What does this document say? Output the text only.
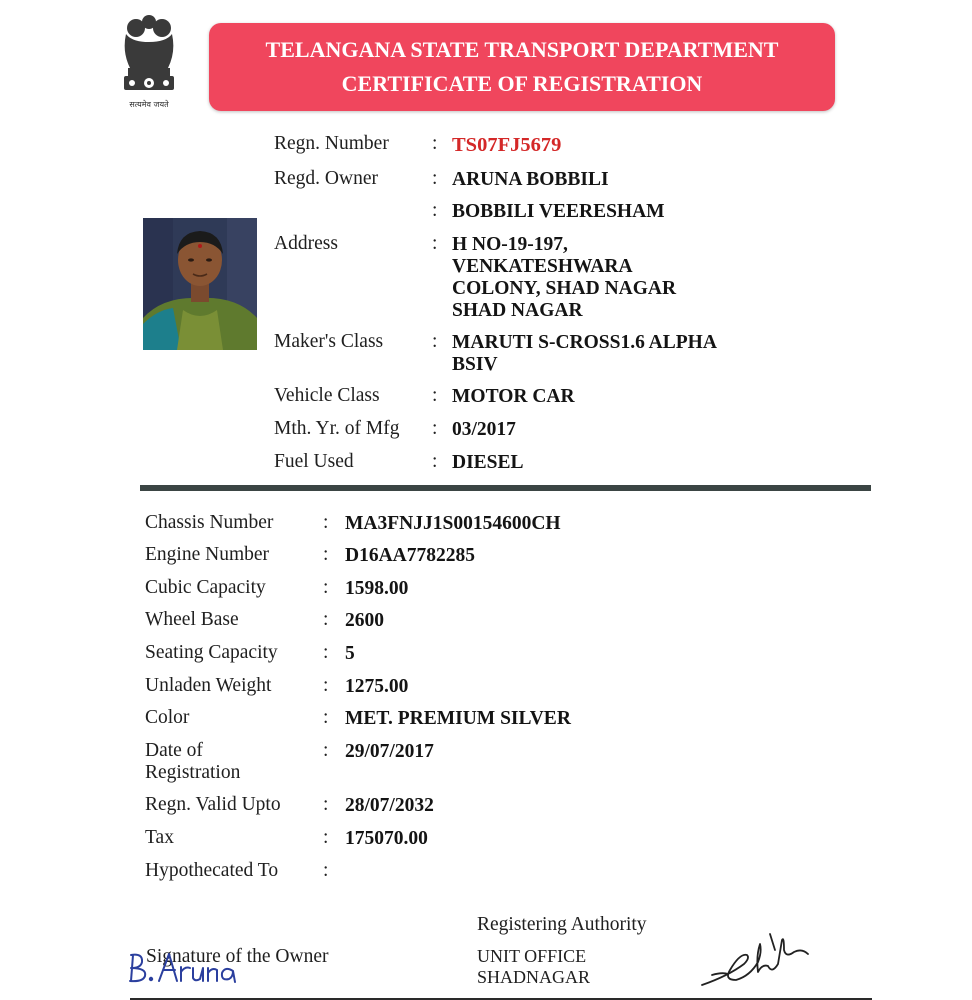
सत्यमेव जयते
TELANGANA STATE TRANSPORT DEPARTMENT
CERTIFICATE OF REGISTRATION
Regn. Number : TS07FJ5679
Regd. Owner	: ARUNA BOBBILI
: BOBBILI VEERESHAM
Address	: H NO-19-197,
VENKATESHWARA
COLONY, SHAD NAGAR
SHAD NAGAR
Maker's Class	: MARUTI S-CROSS1.6 ALPHA
BSIV
Vehicle Class	: MOTOR CAR
Mth. Yr. of Mfg : 03/2017
Fuel Used	: DIESEL
Chassis Number	: MA3FNJJ1S00154600CH
Engine Number	: D16AA7782285
Cubic Capacity	: 1598.00
Wheel Base	: 2600
Seating Capacity : 5
Unladen Weight	: 1275.00
Color	: MET. PREMIUM SILVER
Date of
Registration
: 29/07/2017
Regn. Valid Upto : 28/07/2032
Tax	: 175070.00
Hypothecated To :
Registering Authority
UNIT OFFICE
SHADNAGAR
Signature of the Owner
